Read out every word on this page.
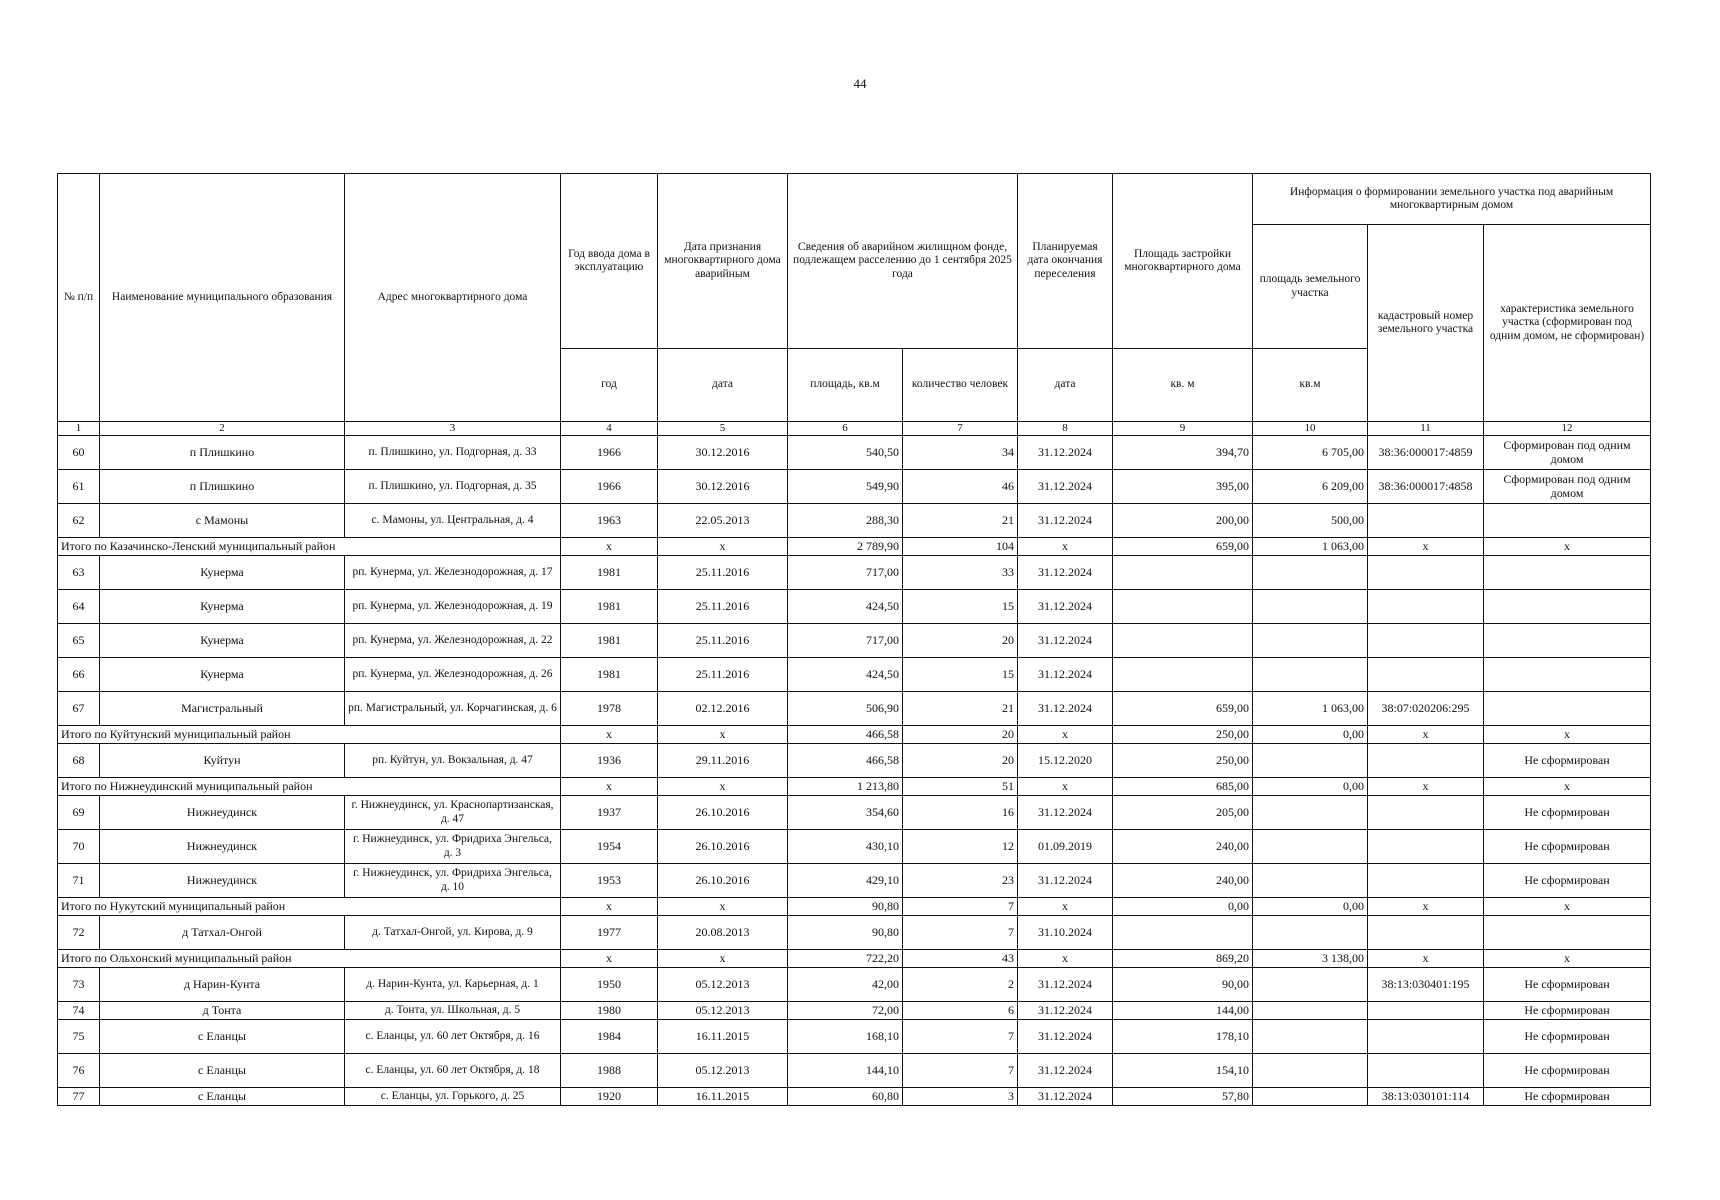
44
№ п/п	Наименование муниципального образования	Адрес многоквартирного дома	Год ввода дома в эксплуатацию	Дата признания многоквартирного дома аварийным	Сведения об аварийном жилищном фонде, подлежащем расселению до 1 сентября 2025 года		Планируемая дата окончания переселения	Площадь застройки многоквартирного дома	Информация о формировании земельного участка под аварийным многоквартирным домом		
									площадь земельного участка	кадастровый номер земельного участка	характеристика земельного участка (сформирован под одним домом, не сформирован)
			год	дата	площадь, кв.м	количество человек	дата	кв. м	кв.м		
1	2	3	4	5	6	7	8	9	10	11	12
60	п Плишкино	п. Плишкино, ул. Подгорная, д. 33	1966	30.12.2016	540,50	34	31.12.2024	394,70	6 705,00	38:36:000017:4859	Сформирован под одним домом
61	п Плишкино	п. Плишкино, ул. Подгорная, д. 35	1966	30.12.2016	549,90	46	31.12.2024	395,00	6 209,00	38:36:000017:4858	Сформирован под одним домом
62	с Мамоны	с. Мамоны, ул. Центральная, д. 4	1963	22.05.2013	288,30	21	31.12.2024	200,00	500,00		
Итого по Казачинско-Ленский муниципальный район			х	х	2 789,90	104	х	659,00	1 063,00	х	х
63	Кунерма	рп. Кунерма, ул. Железнодорожная, д. 17	1981	25.11.2016	717,00	33	31.12.2024				
64	Кунерма	рп. Кунерма, ул. Железнодорожная, д. 19	1981	25.11.2016	424,50	15	31.12.2024				
65	Кунерма	рп. Кунерма, ул. Железнодорожная, д. 22	1981	25.11.2016	717,00	20	31.12.2024				
66	Кунерма	рп. Кунерма, ул. Железнодорожная, д. 26	1981	25.11.2016	424,50	15	31.12.2024				
67	Магистральный	рп. Магистральный, ул. Корчагинская, д. 6	1978	02.12.2016	506,90	21	31.12.2024	659,00	1 063,00	38:07:020206:295	
Итого по Куйтунский муниципальный район			х	х	466,58	20	х	250,00	0,00	х	х
68	Куйтун	рп. Куйтун, ул. Вокзальная, д. 47	1936	29.11.2016	466,58	20	15.12.2020	250,00			Не сформирован
Итого по Нижнеудинский муниципальный район			х	х	1 213,80	51	х	685,00	0,00	х	х
69	Нижнеудинск	г. Нижнеудинск, ул. Краснопартизанская, д. 47	1937	26.10.2016	354,60	16	31.12.2024	205,00			Не сформирован
70	Нижнеудинск	г. Нижнеудинск, ул. Фридриха Энгельса, д. 3	1954	26.10.2016	430,10	12	01.09.2019	240,00			Не сформирован
71	Нижнеудинск	г. Нижнеудинск, ул. Фридриха Энгельса, д. 10	1953	26.10.2016	429,10	23	31.12.2024	240,00			Не сформирован
Итого по Нукутский муниципальный район			х	х	90,80	7	х	0,00	0,00	х	х
72	д Татхал-Онгой	д. Татхал-Онгой, ул. Кирова, д. 9	1977	20.08.2013	90,80	7	31.10.2024				
Итого по Ольхонский муниципальный район			х	х	722,20	43	х	869,20	3 138,00	х	х
73	д Нарин-Кунта	д. Нарин-Кунта, ул. Карьерная, д. 1	1950	05.12.2013	42,00	2	31.12.2024	90,00		38:13:030401:195	Не сформирован
74	д Тонта	д. Тонта, ул. Школьная, д. 5	1980	05.12.2013	72,00	6	31.12.2024	144,00			Не сформирован
75	с Еланцы	с. Еланцы, ул. 60 лет Октября, д. 16	1984	16.11.2015	168,10	7	31.12.2024	178,10			Не сформирован
76	с Еланцы	с. Еланцы, ул. 60 лет Октября, д. 18	1988	05.12.2013	144,10	7	31.12.2024	154,10			Не сформирован
77	с Еланцы	с. Еланцы, ул. Горького, д. 25	1920	16.11.2015	60,80	3	31.12.2024	57,80		38:13:030101:114	Не сформирован
